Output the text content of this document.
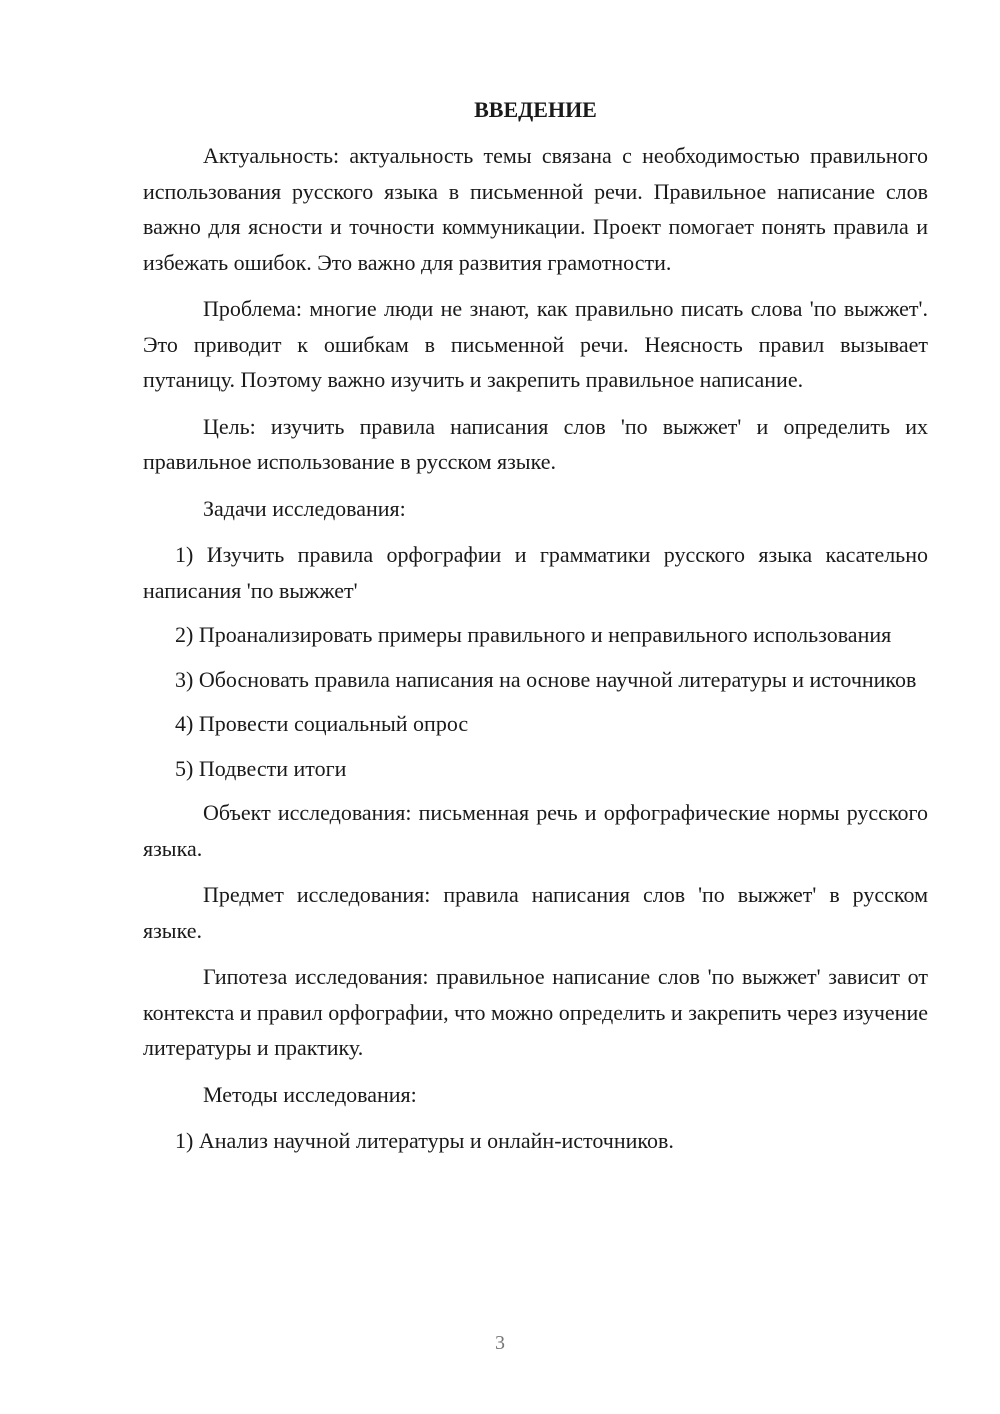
ВВЕДЕНИЕ

Актуальность: актуальность темы связана с необходимостью правильного использования русского языка в письменной речи. Правильное написание слов важно для ясности и точности коммуникации. Проект помогает понять правила и избежать ошибок. Это важно для развития грамотности.

Проблема: многие люди не знают, как правильно писать слова 'по выжжет'. Это приводит к ошибкам в письменной речи. Неясность правил вызывает путаницу. Поэтому важно изучить и закрепить правильное написание.

Цель: изучить правила написания слов 'по выжжет' и определить их правильное использование в русском языке.

Задачи исследования:

1) Изучить правила орфографии и грамматики русского языка касательно написания 'по выжжет'

2) Проанализировать примеры правильного и неправильного использования

3) Обосновать правила написания на основе научной литературы и источников

4) Провести социальный опрос

5) Подвести итоги

Объект исследования: письменная речь и орфографические нормы русского языка.

Предмет исследования: правила написания слов 'по выжжет' в русском языке.

Гипотеза исследования: правильное написание слов 'по выжжет' зависит от контекста и правил орфографии, что можно определить и закрепить через изучение литературы и практику.

Методы исследования:

1) Анализ научной литературы и онлайн-источников.

3
